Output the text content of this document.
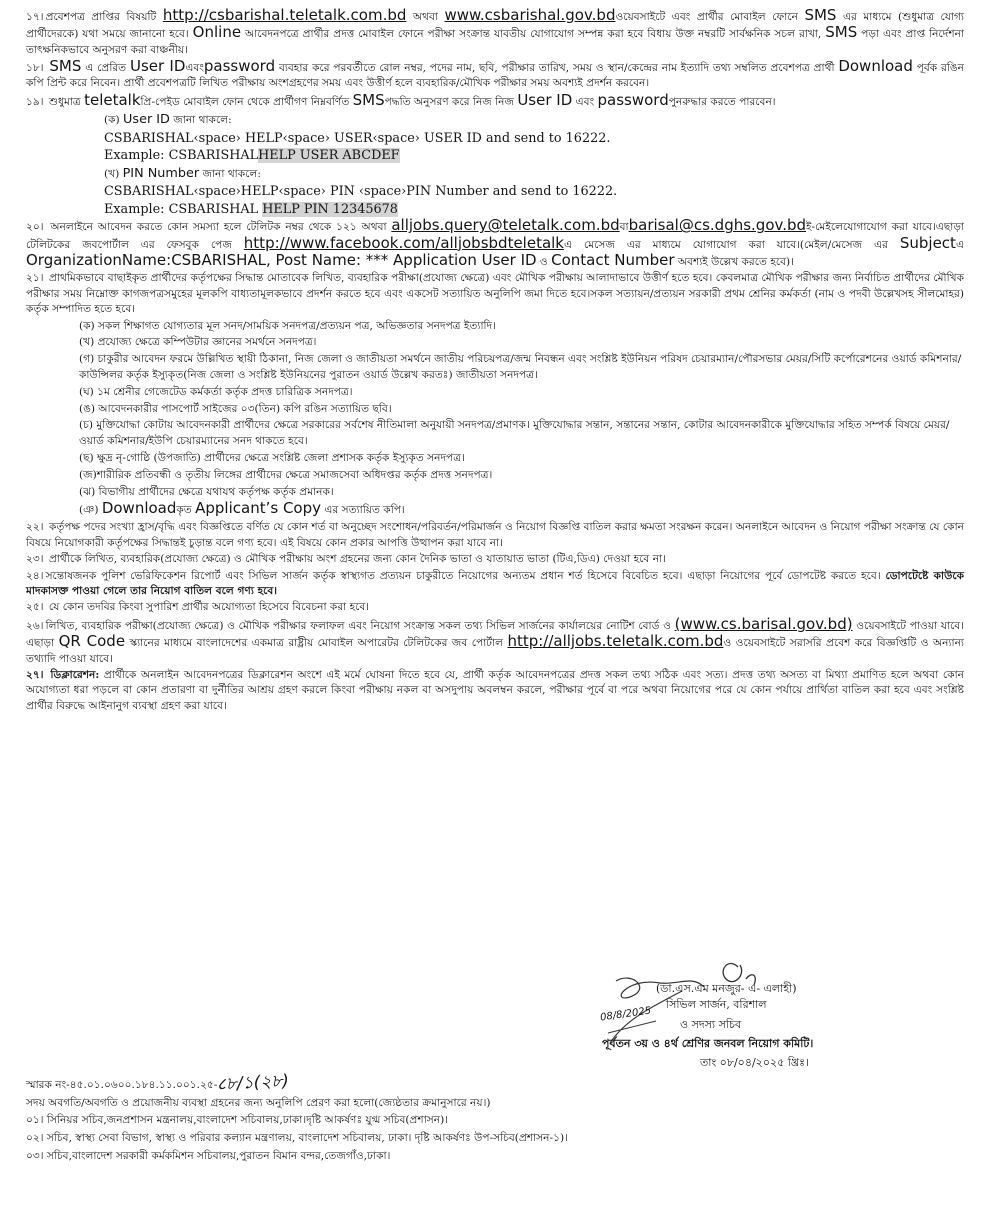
১৭। প্রবেশপত্র প্রাপ্তির বিষয়টি http://csbarishal.teletalk.com.bd অথবা www.csbarishal.gov.bdওয়েবসাইটে এবং প্রার্থীর মোবাইল ফোনে SMS এর মাধ্যমে (শুধুমাত্র যোগ্য প্রার্থীদেরকে) যথা সময়ে জানানো হবে। Online আবেদনপত্রে প্রার্থীর প্রদত্ত মোবাইল ফোনে পরীক্ষা সংক্রান্ত যাবতীয় যোগাযোগ সম্পন্ন করা হবে বিধায় উক্ত নম্বরটি সার্বক্ষনিক সচল রাখা, SMS পড়া এবং প্রাপ্ত নির্দেশনা তাৎক্ষনিকভাবে অনুসরণ করা বাঞ্চনীয়।

১৮। SMS এ প্রেরিত User IDএবংpassword ব্যবহার করে পরবর্তীতে রোল নম্বর, পদের নাম, ছবি, পরীক্ষার তারিখ, সময় ও স্থান/কেন্দ্রের নাম ইত্যাদি তথ্য সম্বলিত প্রবেশপত্র প্রার্থী Download পূর্বক রঙিন কপি প্রিন্ট করে নিবেন। প্রার্থী প্রবেশপত্রটি লিখিত পরীক্ষায় অংশগ্রহণের সময় এবং উত্তীর্ণ হলে ব্যবহারিক/মৌখিক পরীক্ষার সময় অবশ্যই প্রদর্শন করবেন।

১৯। শুধুমাত্র teletalkপ্রি-পেইড মোবাইল ফোন থেকে প্রার্থীগণ নিম্নবর্ণিত SMSপদ্ধতি অনুসরণ করে নিজ নিজ User ID এবং passwordপুনরুদ্ধার করতে পারবেন।

(ক) User ID জানা থাকলে:
CSBARISHAL‹space› HELP‹space› USER‹space› USER ID and send to 16222.
Example: CSBARISHALHELP USER ABCDEF
(খ) PIN Number জানা থাকলে:
CSBARISHAL‹space›HELP‹space› PIN ‹space›PIN Number and send to 16222.
Example: CSBARISHAL HELP PIN 12345678

২০। অনলাইনে আবেদন করতে কোন সমস্যা হলে টেলিটক নম্বর থেকে ১২১ অথবা alljobs.query@teletalk.com.bdবাbarisal@cs.dghs.gov.bdই-মেইলেযোগাযোগ করা যাবে।এছাড়া টেলিটকের জবপোর্টাল এর ফেসবুক পেজ http://www.facebook.com/alljobsbdteletalkএ মেসেজ এর মাধ্যমে যোগাযোগ করা যাবে।(মেইল/মেসেজ এর Subjectএ OrganizationName:CSBARISHAL, Post Name: *** Application User ID ও Contact Number অবশ্যই উল্লেখ করতে হবে)।

২১। প্রাথমিকভাবে বাছাইকৃত প্রার্থীদের কর্তৃপক্ষের সিদ্ধান্ত মোতাবেক লিখিত, ব্যবহারিক পরীক্ষা(প্রযোজ্য ক্ষেত্রে) এবং মৌখিক পরীক্ষায় আলাদাভাবে উত্তীর্ণ হতে হবে। কেবলমাত্র মৌখিক পরীক্ষার জন্য নির্বাচিত প্রার্থীদের মৌখিক পরীক্ষার সময় নিম্নোক্ত কাগজপত্রসমুহের মূলকপি বাধ্যতামূলকভাবে প্রদর্শন করতে হবে এবং একসেট সত্যায়িত অনুলিপি জমা দিতে হবে।সকল সত্যায়ন/প্রত্যয়ন সরকারী প্রথম শ্রেনির কর্মকর্তা (নাম ও পদবী উল্লেখসহ সীলমোহর) কর্তৃক সম্পাদিত হতে হবে।

(ক) সকল শিক্ষাগত যোগ্যতার মূল সনদ/সাময়িক সনদপত্র/প্রত্যয়ন পত্র, অভিজ্ঞতার সনদপত্র ইত্যাদি।

(খ) প্রযোজ্য ক্ষেত্রে কম্পিউটার জ্ঞানের সমর্থনে সনদপত্র।

(গ) চাকুরীর আবেদন ফরমে উল্লিখিত স্থায়ী ঠিকানা, নিজ জেলা ও জাতীয়তা সমর্থনে জাতীয় পরিচয়পত্র/জন্ম নিবন্ধন এবং সংশ্লিষ্ট ইউনিয়ন পরিষদ চেয়ারম্যান/পৌরসভার মেয়র/সিটি কর্পোরেশনের ওয়ার্ড কমিশনার/কাউন্সিলর কর্তৃক ইস্যুকৃত(নিজ জেলা ও সংশ্লিষ্ট ইউনিয়নের পুরাতন ওয়ার্ড উল্লেখ করতঃ) জাতীয়তা সনদপত্র।

(ঘ) ১ম শ্রেনীর গেজেটেড কর্মকর্তা কর্তৃক প্রদত্ত চারিত্রিক সনদপত্র।

(ঙ) আবেদনকারীর পাসপোর্ট সাইজের ০৩(তিন) কপি রঙিন সত্যায়িত ছবি।

(চ) মুক্তিযোদ্ধা কোটায় আবেদনকারী প্রার্থীদের ক্ষেত্রে সরকারের সর্বশেষ নীতিমালা অনুযায়ী সনদপত্র/প্রমাণক। মুক্তিযোদ্ধার সন্তান, সন্তানের সন্তান, কোটার আবেদনকারীকে মুক্তিযোদ্ধার সহিত সম্পর্ক বিষয়ে মেয়র/ওয়ার্ড কমিশনার/ইউপি চেয়ারম্যানের সনদ থাকতে হবে।

(ছ) ক্ষুদ্র নৃ-গোষ্ঠি (উপজাতি) প্রার্থীদের ক্ষেত্রে সংশ্লিষ্ট জেলা প্রশাসক কর্তৃক ইস্যুকৃত সনদপত্র।

(জ)শারীরিক প্রতিবন্ধী ও তৃতীয় লিঙ্গের প্রার্থীদের ক্ষেত্রে সমাজসেবা অধিদপ্তর কর্তৃক প্রদত্ত সনদপত্র।

(ঝ) বিভাগীয় প্রার্থীদের ক্ষেত্রে যথাযথ কর্তৃপক্ষ কর্তৃক প্রমানক।

(ঞ) Downloadকৃত Applicant’s Copy এর সত্যায়িত কপি।

২২। কর্তৃপক্ষ পদের সংখ্যা হ্রাস/বৃদ্ধি এবং বিজ্ঞপ্তিতে বর্ণিত যে কোন শর্ত বা অনুচ্ছেদ সংশোধন/পরিবর্তন/পরিমার্জন ও নিয়োগ বিজ্ঞপ্তি বাতিল করার ক্ষমতা সংরক্ষন করেন। অনলাইনে আবেদন ও নিয়োগ পরীক্ষা সংক্রান্ত যে কোন বিষয়ে নিয়োগকারী কর্তৃপক্ষের সিদ্ধান্তই চুড়ান্ত বলে গণ্য হবে। এই বিষয়ে কোন প্রকার আপত্তি উত্থাপন করা যাবে না।

২৩। প্রার্থীকে লিখিত, ব্যবহারিক(প্রযোজ্য ক্ষেত্রে) ও মৌখিক পরীক্ষায় অংশ গ্রহনের জন্য কোন দৈনিক ভাতা ও যাতায়াত ভাতা (টিএ,ডিএ) দেওয়া হবে না।

২৪। সন্তোষজনক পুলিশ ভেরিফিকেশন রিপোর্ট এবং সিভিল সার্জন কর্তৃক স্বাস্থ্যগত প্রত্যয়ন চাকুরীতে নিয়োগের অন্যতম প্রধান শর্ত হিসেবে বিবেচিত হবে। এছাড়া নিয়োগের পূর্বে ডোপটেষ্ট করতে হবে। ডোপটেষ্টে কাউকে মাদকাসক্ত পাওয়া গেলে তার নিয়োগ বাতিল বলে গণ্য হবে।

২৫। যে কোন তদবির কিংবা সুপারিশ প্রার্থীর অযোগ্যতা হিসেবে বিবেচনা করা হবে।

২৬। লিখিত, ব্যবহারিক পরীক্ষা(প্রযোজ্য ক্ষেত্রে) ও মৌখিক পরীক্ষার ফলাফল এবং নিয়োগ সংক্রান্ত সকল তথ্য সিভিল সার্জনের কার্যালয়ের নোটিশ বোর্ড ও (www.cs.barisal.gov.bd) ওয়েবসাইটে পাওয়া যাবে। এছাড়া QR Code স্ক্যানের মাধ্যমে বাংলাদেশের একমাত্র রাষ্ট্রীয় মোবাইল অপারেটর টেলিটকের জব পোর্টাল http://alljobs.teletalk.com.bdও ওয়েবসাইটে সরাসরি প্রবেশ করে বিজ্ঞপ্তিটি ও অন্যান্য তথ্যাদি পাওয়া যাবে।

২৭। ডিক্লারেশন: প্রার্থীকে অনলাইন আবেদনপত্রের ডিক্লারেশন অংশে এই মর্মে ঘোষনা দিতে হবে যে, প্রার্থী কর্তৃক আবেদনপত্রের প্রদত্ত সকল তথ্য সঠিক এবং সত্য। প্রদত্ত তথ্য অসত্য বা মিথ্যা প্রমাণিত হলে অথবা কোন অযোগ্যতা ধরা পড়লে বা কোন প্রতারণা বা দুর্নীতির আশ্রয় গ্রহণ করলে কিংবা পরীক্ষায় নকল বা অসদুপায় অবলম্বন করলে, পরীক্ষার পূর্বে বা পরে অথবা নিয়োগের পরে যে কোন পর্যায়ে প্রার্থিতা বাতিল করা হবে এবং সংশ্লিষ্ট প্রার্থীর বিরুদ্ধে আইনানুগ ব্যবস্থা গ্রহণ করা যাবে।

(ডা.এস.এম মনজুর- এ- এলাহী)
08/8/2025
সিভিল সার্জন, বরিশাল
ও সদস্য সচিব
পূর্বতন ৩য় ও ৪র্থ শ্রেণির জনবল নিয়োগ কমিটি।
তাং ০৮/০৪/২০২৫ খ্রিঃ।

স্মারক নং-৪৫.০১.০৬০০.১৮৪.১১.০০১.২৫-८৮/১(২৮)

সদয় অবগতি/অবগতি ও প্রয়োজনীয় ব্যবস্থা গ্রহনের জন্য অনুলিপি প্রেরণ করা হলো(জ্যেষ্ঠতার ক্রমানুসারে নয়।)

০১। সিনিয়র সচিব,জনপ্রশাসন মন্ত্রনালয়,বাংলাদেশ সচিবালয়,ঢাকা।দৃষ্টি আকর্ষণঃ যুগ্ম সচিব(প্রশাসন)।

০২। সচিব, স্বাস্থ্য সেবা বিভাগ, স্বাস্থ্য ও পরিবার কল্যান মন্ত্রণালয়, বাংলাদেশ সচিবালয়, ঢাকা। দৃষ্টি আকর্ষণঃ উপ-সচিব(প্রশাসন-১)।

০৩। সচিব,বাংলাদেশ সরকারী কর্মকমিশন সচিবালয়,পুরাতন বিমান বন্দর,তেজগাঁও,ঢাকা।
